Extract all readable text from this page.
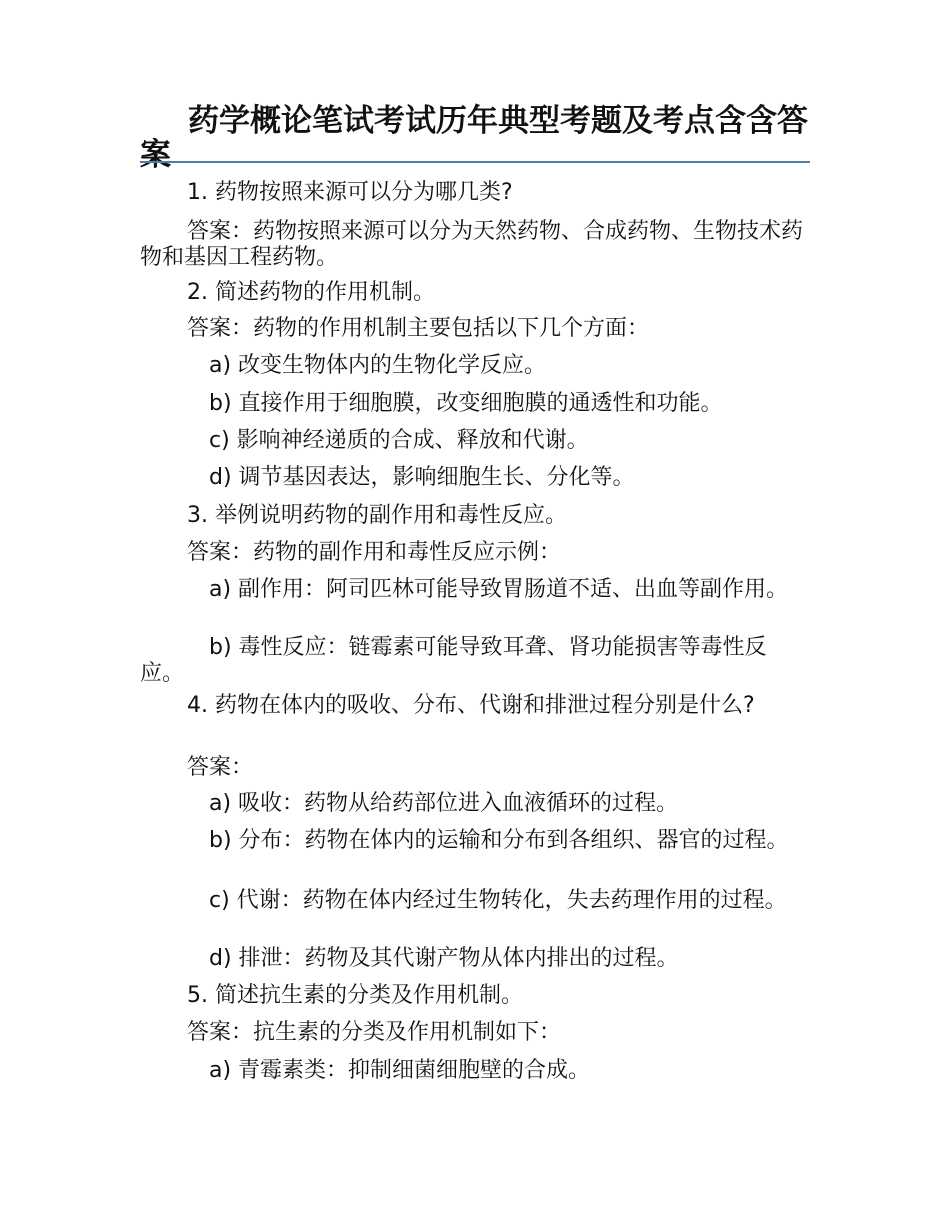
药学概论笔试考试历年典型考题及考点含含答案

1. 药物按照来源可以分为哪几类?

答案：药物按照来源可以分为天然药物、合成药物、生物技术药物和基因工程药物。

2. 简述药物的作用机制。

答案：药物的作用机制主要包括以下几个方面：

a) 改变生物体内的生物化学反应。

b) 直接作用于细胞膜，改变细胞膜的通透性和功能。

c) 影响神经递质的合成、释放和代谢。

d) 调节基因表达，影响细胞生长、分化等。

3. 举例说明药物的副作用和毒性反应。

答案：药物的副作用和毒性反应示例：

a) 副作用：阿司匹林可能导致胃肠道不适、出血等副作用。

b) 毒性反应：链霉素可能导致耳聋、肾功能损害等毒性反应。

4. 药物在体内的吸收、分布、代谢和排泄过程分别是什么?

答案：

a) 吸收：药物从给药部位进入血液循环的过程。

b) 分布：药物在体内的运输和分布到各组织、器官的过程。

c) 代谢：药物在体内经过生物转化，失去药理作用的过程。

d) 排泄：药物及其代谢产物从体内排出的过程。

5. 简述抗生素的分类及作用机制。

答案：抗生素的分类及作用机制如下：

a) 青霉素类：抑制细菌细胞壁的合成。
